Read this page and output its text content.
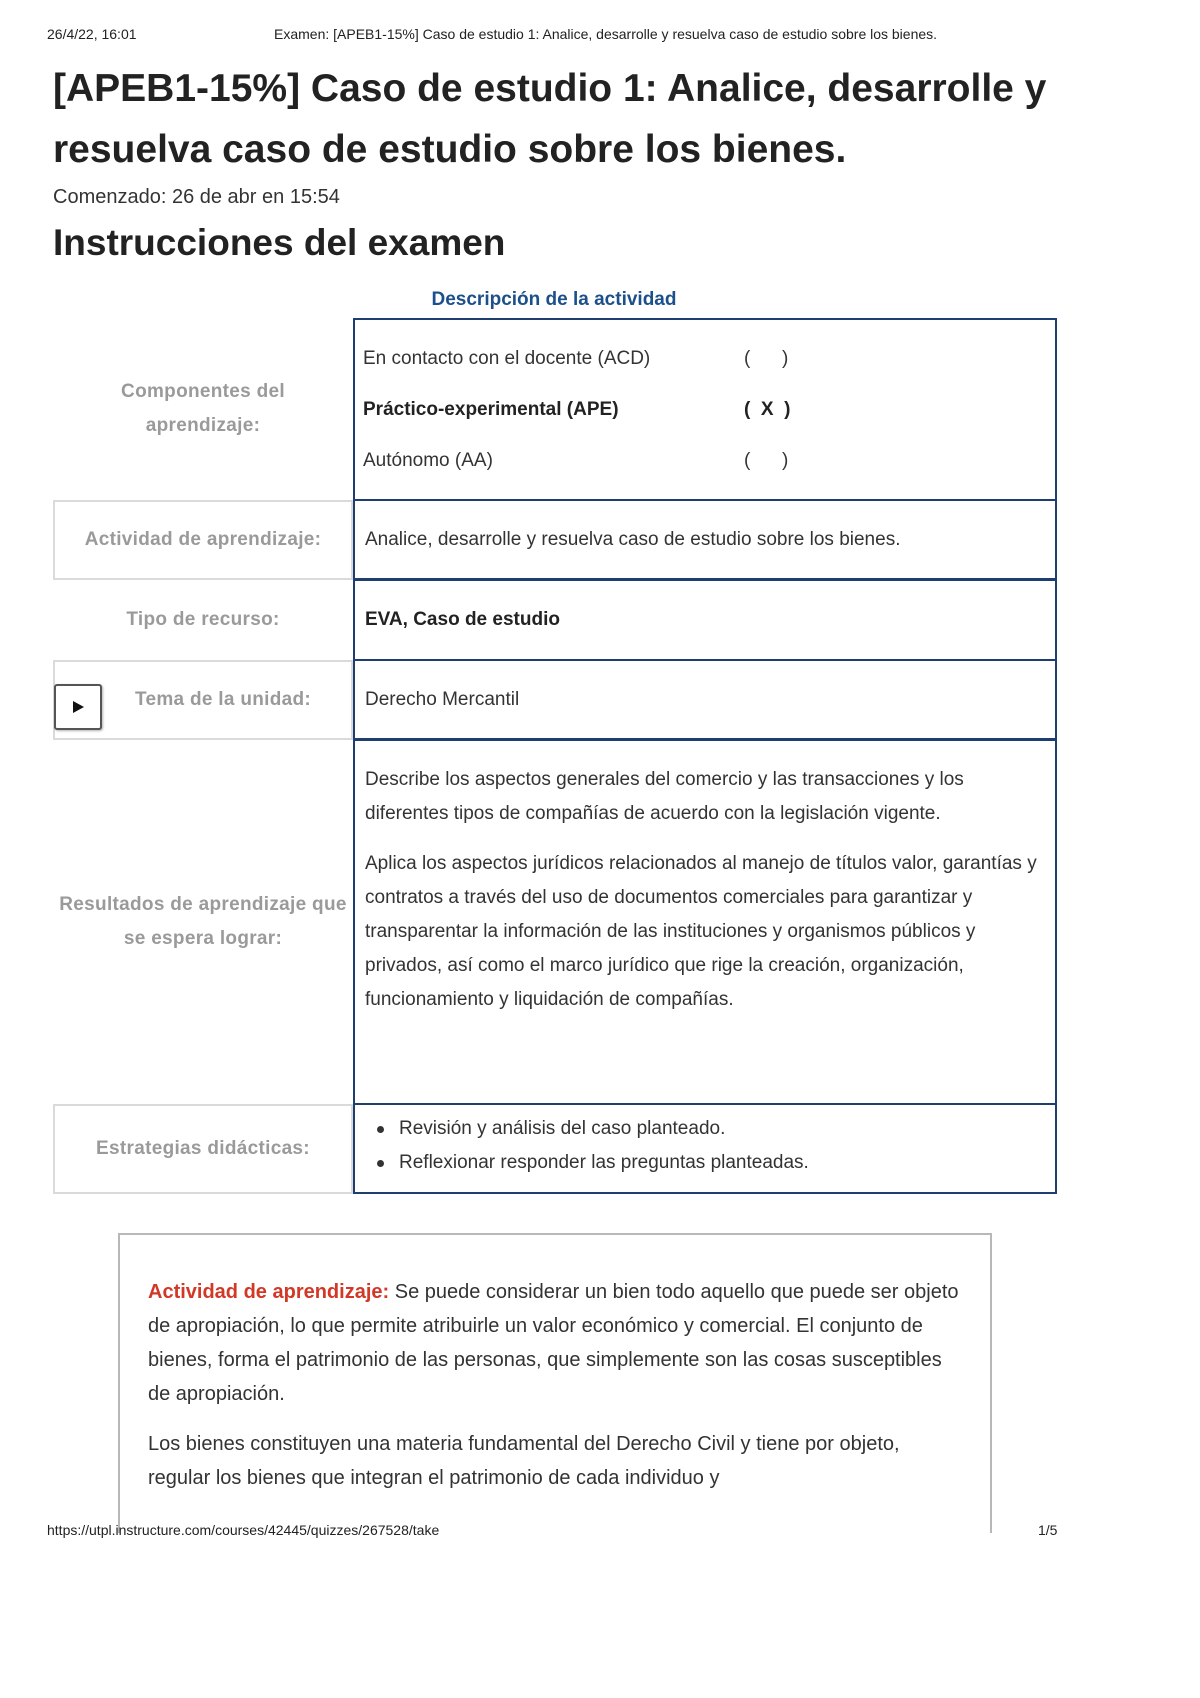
26/4/22, 16:01	Examen: [APEB1-15%] Caso de estudio 1: Analice, desarrolle y resuelva caso de estudio sobre los bienes.
[APEB1-15%] Caso de estudio 1: Analice, desarrolle y resuelva caso de estudio sobre los bienes.
Comenzado: 26 de abr en 15:54
Instrucciones del examen
Descripción de la actividad
Componentes del aprendizaje:
En contacto con el docente (ACD)	(      )
Práctico-experimental (APE)	(  X  )
Autónomo (AA)	(      )
Actividad de aprendizaje:	Analice, desarrolle y resuelva caso de estudio sobre los bienes.
Tipo de recurso:	EVA, Caso de estudio
Tema de la unidad:	Derecho Mercantil
Resultados de aprendizaje que se espera lograr:

Describe los aspectos generales del comercio y las transacciones y los diferentes tipos de compañías de acuerdo con la legislación vigente.

Aplica los aspectos jurídicos relacionados al manejo de títulos valor, garantías y contratos a través del uso de documentos comerciales para garantizar y transparentar la información de las instituciones y organismos públicos y privados, así como el marco jurídico que rige la creación, organización, funcionamiento y liquidación de compañías.

Estrategias didácticas:
Revisión y análisis del caso planteado.
Reflexionar responder las preguntas planteadas.

Actividad de aprendizaje: Se puede considerar un bien todo aquello que puede ser objeto de apropiación, lo que permite atribuirle un valor económico y comercial. El conjunto de bienes, forma el patrimonio de las personas, que simplemente son las cosas susceptibles de apropiación.

Los bienes constituyen una materia fundamental del Derecho Civil y tiene por objeto, regular los bienes que integran el patrimonio de cada individuo y

https://utpl.instructure.com/courses/42445/quizzes/267528/take	1/5
